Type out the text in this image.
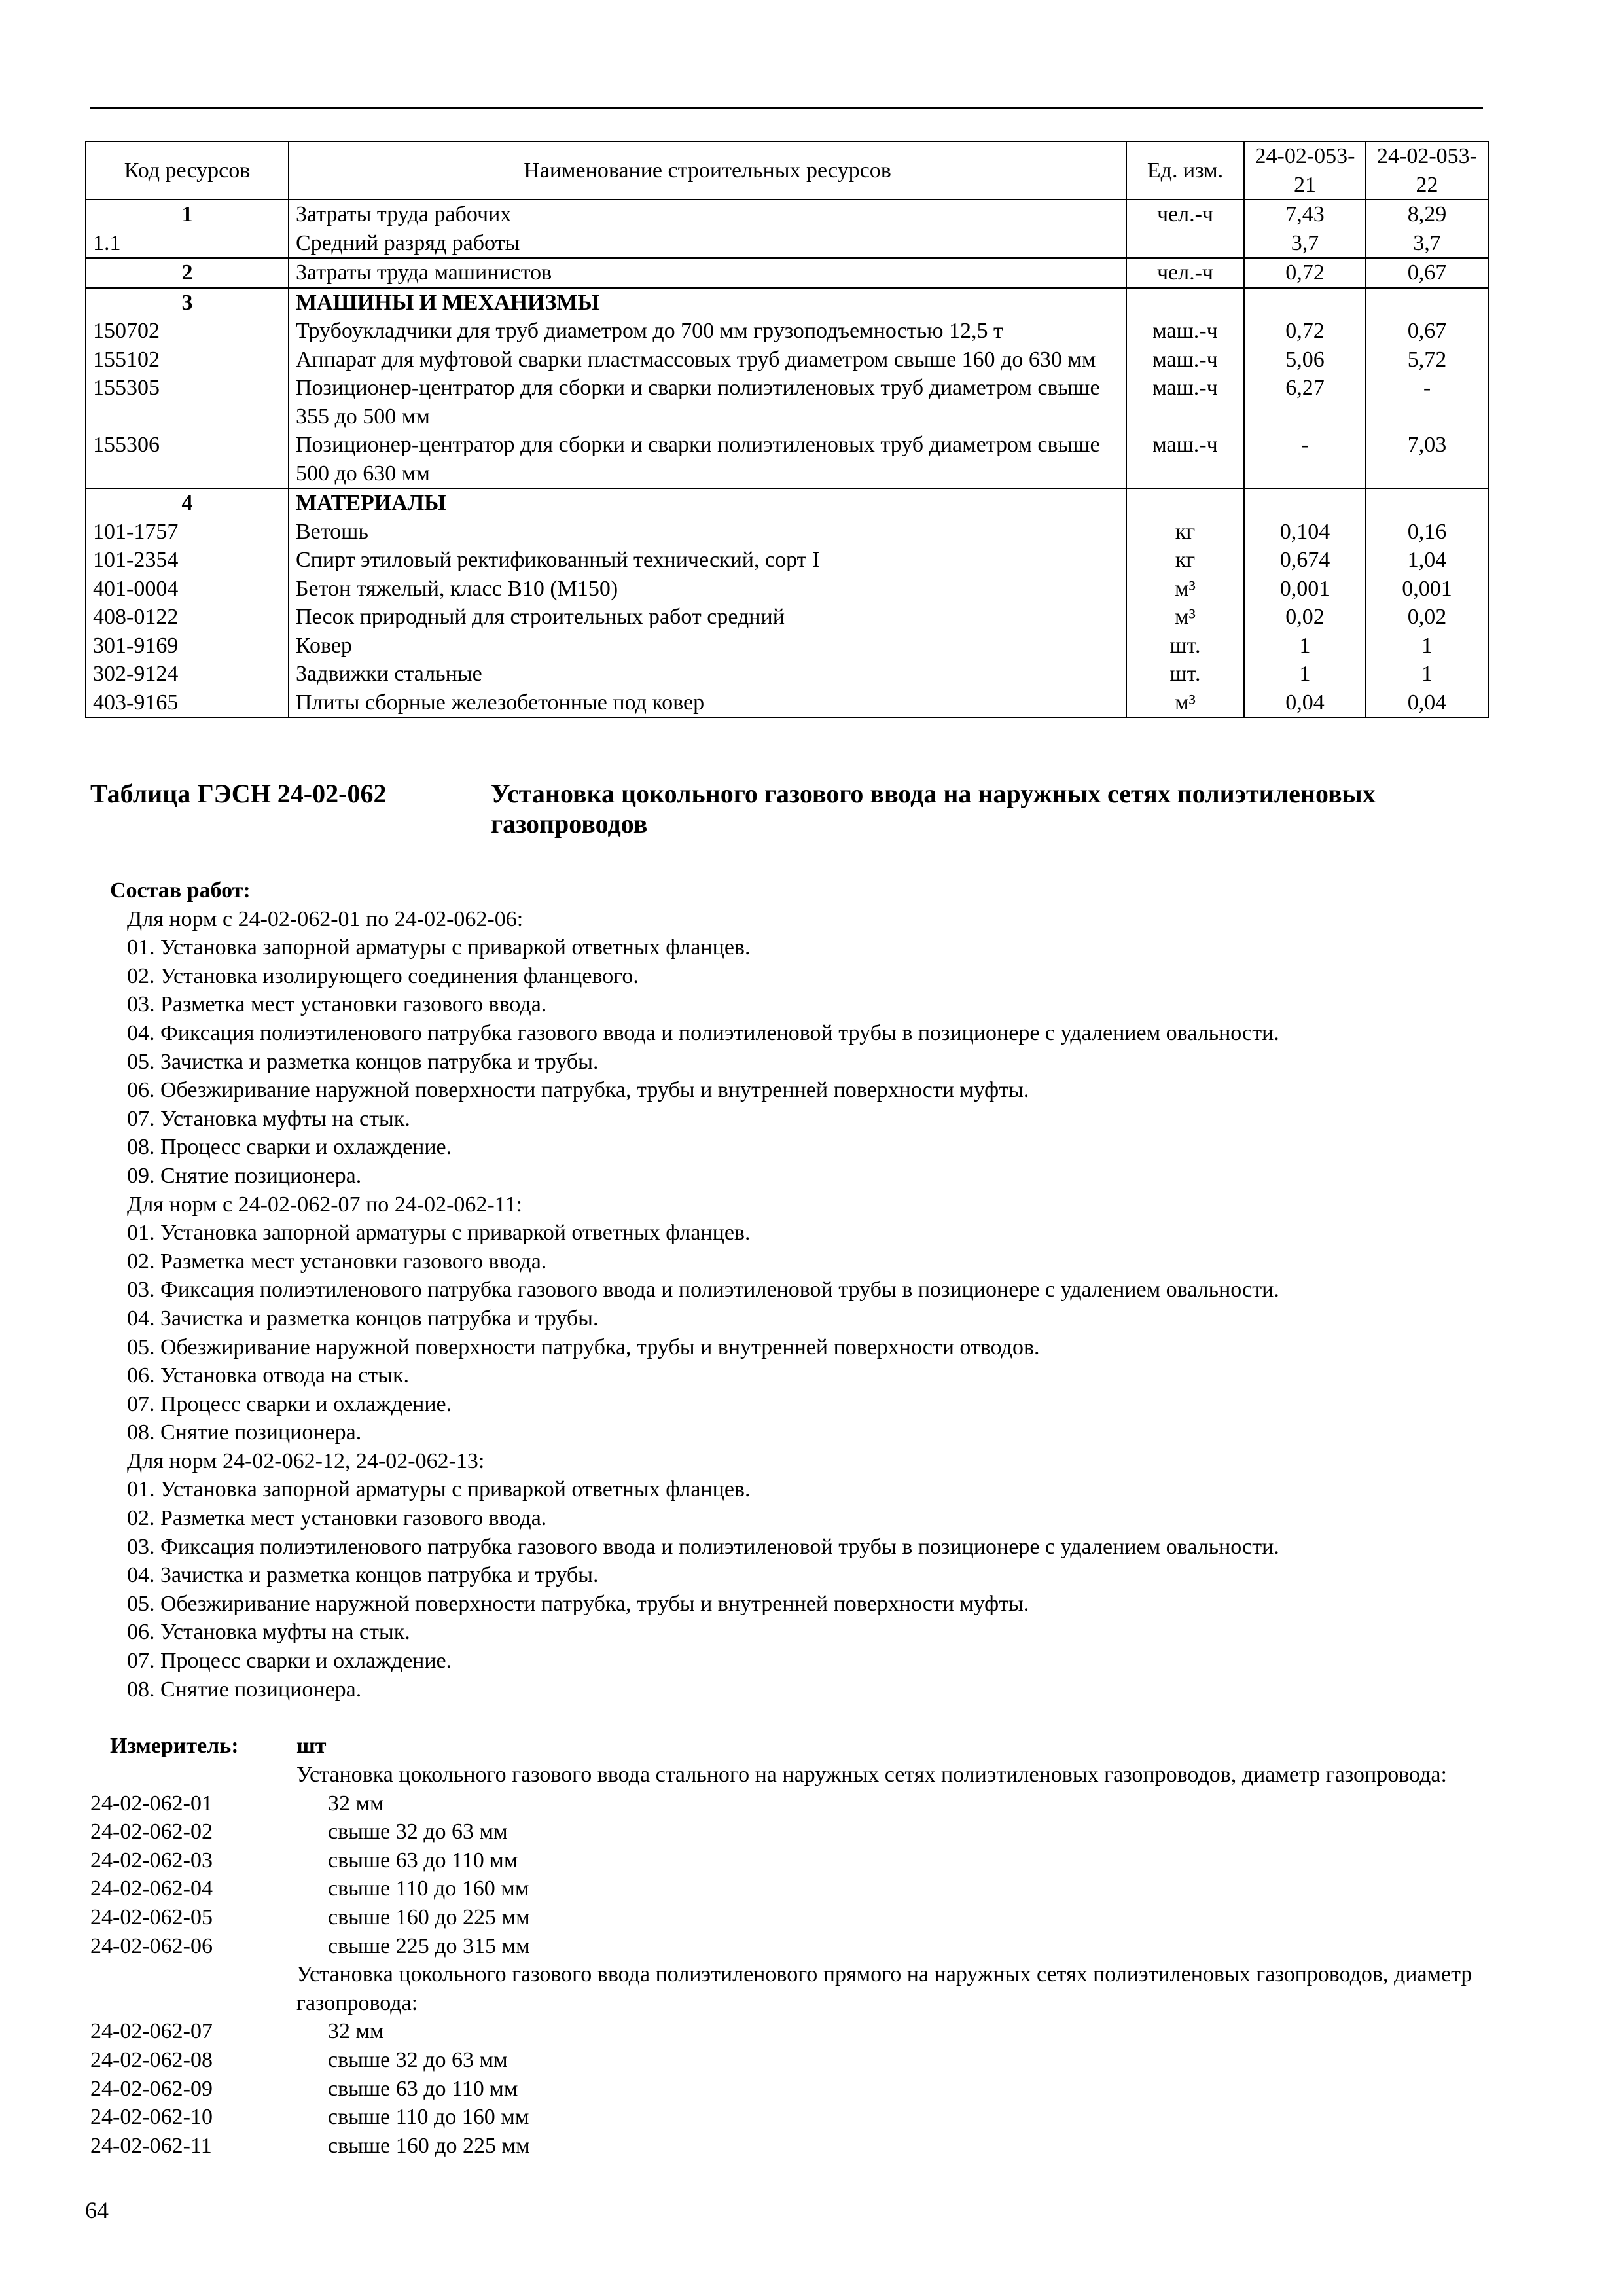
Код ресурсов	Наименование строительных ресурсов	Ед. изм.	24-02-053-21	24-02-053-22
1	Затраты труда рабочих	чел.-ч	7,43	8,29
1.1	Средний разряд работы		3,7	3,7
2	Затраты труда машинистов	чел.-ч	0,72	0,67
3	МАШИНЫ И МЕХАНИЗМЫ			
150702	Трубоукладчики для труб диаметром до 700 мм грузоподъемностью 12,5 т	маш.-ч	0,72	0,67
155102	Аппарат для муфтовой сварки пластмассовых труб диаметром свыше 160 до 630 мм	маш.-ч	5,06	5,72
155305	Позиционер-центратор для сборки и сварки полиэтиленовых труб диаметром свыше 355 до 500 мм	маш.-ч	6,27	-
155306	Позиционер-центратор для сборки и сварки полиэтиленовых труб диаметром свыше 500 до 630 мм	маш.-ч	-	7,03
4	МАТЕРИАЛЫ			
101-1757	Ветошь	кг	0,104	0,16
101-2354	Спирт этиловый ректификованный технический, сорт I	кг	0,674	1,04
401-0004	Бетон тяжелый, класс В10 (М150)	м³	0,001	0,001
408-0122	Песок природный для строительных работ средний	м³	0,02	0,02
301-9169	Ковер	шт.	1	1
302-9124	Задвижки стальные	шт.	1	1
403-9165	Плиты сборные железобетонные под ковер	м³	0,04	0,04
Таблица ГЭСН 24-02-062	Установка цокольного газового ввода на наружных сетях полиэтиленовых газопроводов
Состав работ:
Для норм с 24-02-062-01 по 24-02-062-06:
01. Установка запорной арматуры с приваркой ответных фланцев.
02. Установка изолирующего соединения фланцевого.
03. Разметка мест установки газового ввода.
04. Фиксация полиэтиленового патрубка газового ввода и полиэтиленовой трубы в позиционере с удалением овальности.
05. Зачистка и разметка концов патрубка и трубы.
06. Обезжиривание наружной поверхности патрубка, трубы и внутренней поверхности муфты.
07. Установка муфты на стык.
08. Процесс сварки и охлаждение.
09. Снятие позиционера.
Для норм с 24-02-062-07 по 24-02-062-11:
01. Установка запорной арматуры с приваркой ответных фланцев.
02. Разметка мест установки газового ввода.
03. Фиксация полиэтиленового патрубка газового ввода и полиэтиленовой трубы в позиционере с удалением овальности.
04. Зачистка и разметка концов патрубка и трубы.
05. Обезжиривание наружной поверхности патрубка, трубы и внутренней поверхности отводов.
06. Установка отвода на стык.
07. Процесс сварки и охлаждение.
08. Снятие позиционера.
Для норм 24-02-062-12, 24-02-062-13:
01. Установка запорной арматуры с приваркой ответных фланцев.
02. Разметка мест установки газового ввода.
03. Фиксация полиэтиленового патрубка газового ввода и полиэтиленовой трубы в позиционере с удалением овальности.
04. Зачистка и разметка концов патрубка и трубы.
05. Обезжиривание наружной поверхности патрубка, трубы и внутренней поверхности муфты.
06. Установка муфты на стык.
07. Процесс сварки и охлаждение.
08. Снятие позиционера.
Измеритель:	шт
Установка цокольного газового ввода стального на наружных сетях полиэтиленовых газопроводов, диаметр газопровода:
24-02-062-01	32 мм
24-02-062-02	свыше 32 до 63 мм
24-02-062-03	свыше 63 до 110 мм
24-02-062-04	свыше 110 до 160 мм
24-02-062-05	свыше 160 до 225 мм
24-02-062-06	свыше 225 до 315 мм
Установка цокольного газового ввода полиэтиленового прямого на наружных сетях полиэтиленовых газопроводов, диаметр газопровода:
24-02-062-07	32 мм
24-02-062-08	свыше 32 до 63 мм
24-02-062-09	свыше 63 до 110 мм
24-02-062-10	свыше 110 до 160 мм
24-02-062-11	свыше 160 до 225 мм
64
